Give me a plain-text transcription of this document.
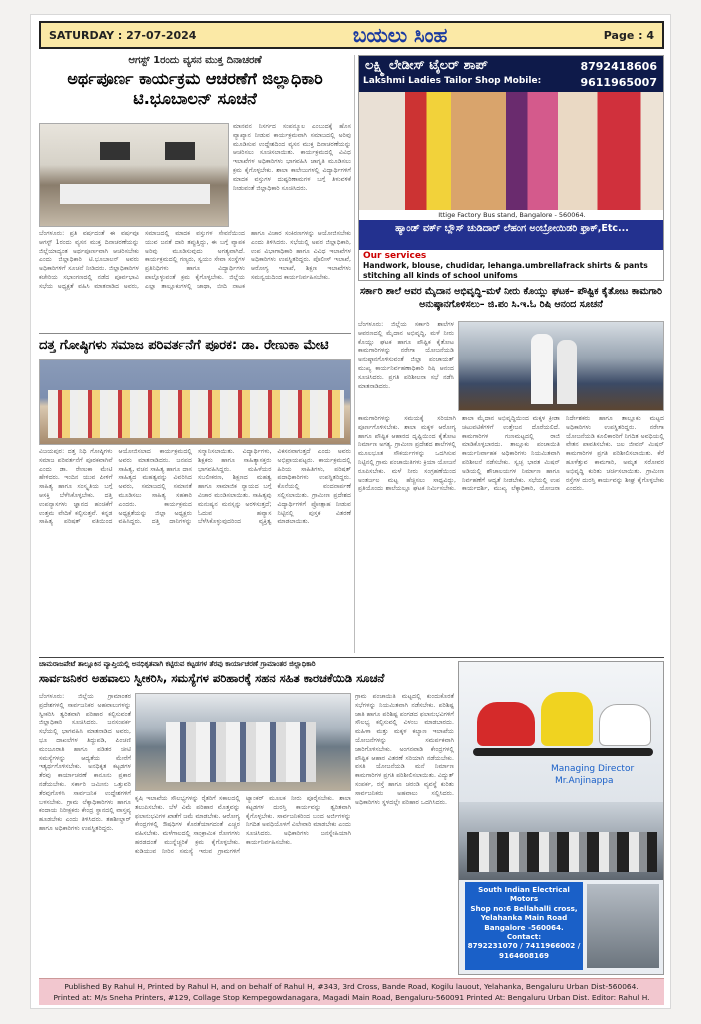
SATURDAY : 27-07-2024	ಬಯಲು ಸಿಂಹ	Page : 4
ಆಗಸ್ಟ್ 1ರಂದು ವ್ಯಸನ ಮುಕ್ತ ದಿನಾಚರಣೆ
ಅರ್ಥಪೂರ್ಣ ಕಾರ್ಯಕ್ರಮ ಆಚರಣೆಗೆ ಜಿಲ್ಲಾಧಿಕಾರಿ ಟಿ.ಭೂಬಾಲನ್ ಸೂಚನೆ
ಮಾನವನ ನಿಸರ್ಗದ ಸಂಪನ್ಮೂಲ ಎಂಬುದಕ್ಕೆ ಹೊಸ ವ್ಯಾಖ್ಯಾನ ನೀಡುವ ಕಾರ್ಯಕ್ರಮವಾಗಿ ಸಮಾಜದಲ್ಲಿ ಅರಿವು ಮೂಡಿಸುವ ಉದ್ದೇಶದಿಂದ ವ್ಯಸನ ಮುಕ್ತ ದಿನಾಚರಣೆಯನ್ನು ಆಚರಿಸಲು ಸೂಚಿಸಲಾಯಿತು. ಕಾರ್ಯಕ್ರಮದಲ್ಲಿ ವಿವಿಧ ಇಲಾಖೆಗಳ ಅಧಿಕಾರಿಗಳು ಭಾಗವಹಿಸಿ ಜಾಗೃತಿ ಮೂಡಿಸಲು ಕ್ರಮ ಕೈಗೊಳ್ಳಬೇಕು. ಶಾಲಾ ಕಾಲೇಜುಗಳಲ್ಲಿ ವಿದ್ಯಾರ್ಥಿಗಳಿಗೆ ಮಾದಕ ವಸ್ತುಗಳ ದುಷ್ಪರಿಣಾಮಗಳ ಬಗ್ಗೆ ತಿಳುವಳಿಕೆ ನೀಡುವಂತೆ ಜಿಲ್ಲಾಧಿಕಾರಿ ಸೂಚಿಸಿದರು.
ಬೆಂಗಳೂರು: ಪ್ರತಿ ವರ್ಷದಂತೆ ಈ ವರ್ಷವೂ ಆಗಸ್ಟ್ 1ರಂದು ವ್ಯಸನ ಮುಕ್ತ ದಿನಾಚರಣೆಯನ್ನು ಜಿಲ್ಲೆಯಾದ್ಯಂತ ಅರ್ಥಪೂರ್ಣವಾಗಿ ಆಚರಿಸಬೇಕು ಎಂದು ಜಿಲ್ಲಾಧಿಕಾರಿ ಟಿ.ಭೂಬಾಲನ್ ಅವರು ಅಧಿಕಾರಿಗಳಿಗೆ ಸೂಚನೆ ನೀಡಿದರು. ಜಿಲ್ಲಾಧಿಕಾರಿಗಳ ಕಚೇರಿಯ ಸಭಾಂಗಣದಲ್ಲಿ ನಡೆದ ಪೂರ್ವಭಾವಿ ಸಭೆಯ ಅಧ್ಯಕ್ಷತೆ ವಹಿಸಿ ಮಾತನಾಡಿದ ಅವರು, ಸಮಾಜದಲ್ಲಿ ಮಾದಕ ವಸ್ತುಗಳ ಸೇವನೆಯಿಂದ ಯುವ ಜನತೆ ದಾರಿ ತಪ್ಪುತ್ತಿದ್ದು, ಈ ಬಗ್ಗೆ ವ್ಯಾಪಕ ಅರಿವು ಮೂಡಿಸುವುದು ಅಗತ್ಯವಾಗಿದೆ. ಕಾರ್ಯಕ್ರಮದಲ್ಲಿ ಗಣ್ಯರು, ಸ್ವಯಂ ಸೇವಾ ಸಂಸ್ಥೆಗಳ ಪ್ರತಿನಿಧಿಗಳು ಹಾಗೂ ವಿದ್ಯಾರ್ಥಿಗಳು ಪಾಲ್ಗೊಳ್ಳುವಂತೆ ಕ್ರಮ ಕೈಗೊಳ್ಳಬೇಕು. ಜಿಲ್ಲೆಯ ಎಲ್ಲಾ ತಾಲ್ಲೂಕುಗಳಲ್ಲಿ ಜಾಥಾ, ಬೀದಿ ನಾಟಕ ಹಾಗೂ ವಿಚಾರ ಸಂಕಿರಣಗಳನ್ನು ಆಯೋಜಿಸಬೇಕು ಎಂದು ತಿಳಿಸಿದರು. ಸಭೆಯಲ್ಲಿ ಅಪರ ಜಿಲ್ಲಾಧಿಕಾರಿ, ಉಪ ವಿಭಾಗಾಧಿಕಾರಿ ಹಾಗೂ ವಿವಿಧ ಇಲಾಖೆಗಳ ಅಧಿಕಾರಿಗಳು ಉಪಸ್ಥಿತರಿದ್ದರು. ಪೊಲೀಸ್ ಇಲಾಖೆ, ಆರೋಗ್ಯ ಇಲಾಖೆ, ಶಿಕ್ಷಣ ಇಲಾಖೆಗಳು ಸಮನ್ವಯದಿಂದ ಕಾರ್ಯನಿರ್ವಹಿಸಬೇಕು.
ದತ್ತ ಗೋಷ್ಠಿಗಳು ಸಮಾಜ ಪರಿವರ್ತನೆಗೆ ಪೂರಕ: ಡಾ. ರೇಣುಕಾ ಮೇಟಿ
ವಿಜಯಪುರ: ದತ್ತ ನಿಧಿ ಗೋಷ್ಠಿಗಳು ಸಮಾಜ ಪರಿವರ್ತನೆಗೆ ಪೂರಕವಾಗಿವೆ ಎಂದು ಡಾ. ರೇಣುಕಾ ಮೇಟಿ ಹೇಳಿದರು. ಇಂದಿನ ಯುವ ಪೀಳಿಗೆ ಸಾಹಿತ್ಯ ಹಾಗೂ ಸಂಸ್ಕೃತಿಯ ಬಗ್ಗೆ ಆಸಕ್ತಿ ಬೆಳೆಸಿಕೊಳ್ಳಬೇಕು. ದತ್ತಿ ಉಪನ್ಯಾಸಗಳು ಜ್ಞಾನದ ಹಂಚಿಕೆಗೆ ಉತ್ತಮ ವೇದಿಕೆ ಕಲ್ಪಿಸುತ್ತವೆ. ಕನ್ನಡ ಸಾಹಿತ್ಯ ಪರಿಷತ್ ವತಿಯಿಂದ ಆಯೋಜಿಸಲಾದ ಕಾರ್ಯಕ್ರಮದಲ್ಲಿ ಅವರು ಮಾತನಾಡಿದರು. ಜನಪದ ಸಾಹಿತ್ಯ, ವಚನ ಸಾಹಿತ್ಯ ಹಾಗೂ ದಾಸ ಸಾಹಿತ್ಯದ ಮಹತ್ವವನ್ನು ವಿವರಿಸಿದ ಅವರು, ಸಮಾಜದಲ್ಲಿ ಸಮಾನತೆ ಮೂಡಿಸಲು ಸಾಹಿತ್ಯ ಸಹಕಾರಿ ಎಂದರು. ಕಾರ್ಯಕ್ರಮದ ಅಧ್ಯಕ್ಷತೆಯನ್ನು ಜಿಲ್ಲಾ ಅಧ್ಯಕ್ಷರು ವಹಿಸಿದ್ದರು. ದತ್ತಿ ದಾನಿಗಳನ್ನು ಸನ್ಮಾನಿಸಲಾಯಿತು. ವಿದ್ಯಾರ್ಥಿಗಳು, ಶಿಕ್ಷಕರು ಹಾಗೂ ಸಾಹಿತ್ಯಾಸಕ್ತರು ಭಾಗವಹಿಸಿದ್ದರು. ಮಹಿಳೆಯರ ಸಬಲೀಕರಣ, ಶಿಕ್ಷಣದ ಮಹತ್ವ ಹಾಗೂ ಸಾಮಾಜಿಕ ನ್ಯಾಯದ ಬಗ್ಗೆ ವಿಚಾರ ಮಂಡಿಸಲಾಯಿತು. ಸಾಹಿತ್ಯವು ಮನುಷ್ಯನ ಮನಸ್ಸನ್ನು ಅರಳಿಸುತ್ತದೆ; ಓದುವ ಹವ್ಯಾಸ ಬೆಳೆಸಿಕೊಳ್ಳುವುದರಿಂದ ವ್ಯಕ್ತಿತ್ವ ವಿಕಸನವಾಗುತ್ತದೆ ಎಂದು ಅವರು ಅಭಿಪ್ರಾಯಪಟ್ಟರು. ಕಾರ್ಯಕ್ರಮದಲ್ಲಿ ಹಿರಿಯ ಸಾಹಿತಿಗಳು, ಪರಿಷತ್ ಪದಾಧಿಕಾರಿಗಳು ಉಪಸ್ಥಿತರಿದ್ದರು. ಕೊನೆಯಲ್ಲಿ ವಂದನಾರ್ಪಣೆ ಸಲ್ಲಿಸಲಾಯಿತು. ಗ್ರಾಮೀಣ ಪ್ರದೇಶದ ವಿದ್ಯಾರ್ಥಿಗಳಿಗೆ ಪ್ರೋತ್ಸಾಹ ನೀಡುವ ನಿಟ್ಟಿನಲ್ಲಿ ಪುಸ್ತಕ ವಿತರಣೆ ಮಾಡಲಾಯಿತು.
ಲಕ್ಷ್ಮಿ ಲೇಡೀಸ್ ಟೈಲರ್ ಶಾಪ್	8792418606
Lakshmi Ladies Tailor Shop Mobile:	9611965007
Ittige Factory Bus stand, Bangalore - 560064.
ಹ್ಯಾಂಡ್ ವರ್ಕ್ ಬ್ಲೌಸ್ ಚುಡಿದಾರ್ ಲೆಹಂಗ ಅಂಬ್ರೋಯಿಡರಿ ಫ್ರಾಕ್,Etc...
Our services
Handwork, blouse, chudidar, lehanga.umbrellafrack shirts & pants stitching all kinds of school unifoms
ಸರ್ಕಾರಿ ಶಾಲೆ ಆವರ ಮೈದಾನ ಅಭಿವೃದ್ಧಿ–ಮಳೆ ನೀರು ಕೊಯ್ಲು ಘಟಕ– ಪೌಷ್ಟಿಕ ಕೈತೋಟ ಕಾಮಗಾರಿ ಅನುಷ್ಠಾನಗೊಳಿಸಲು– ಜಿ.ಪಂ ಸಿ.ಇ.ಓ ರಿಷಿ ಆನಂದ ಸೂಚನೆ
ಬೆಂಗಳೂರು: ಜಿಲ್ಲೆಯ ಸರ್ಕಾರಿ ಶಾಲೆಗಳ ಆವರಣದಲ್ಲಿ ಮೈದಾನ ಅಭಿವೃದ್ಧಿ, ಮಳೆ ನೀರು ಕೊಯ್ಲು ಘಟಕ ಹಾಗೂ ಪೌಷ್ಟಿಕ ಕೈತೋಟ ಕಾಮಗಾರಿಗಳನ್ನು ನರೇಗಾ ಯೋಜನೆಯಡಿ ಅನುಷ್ಠಾನಗೊಳಿಸುವಂತೆ ಜಿಲ್ಲಾ ಪಂಚಾಯತ್ ಮುಖ್ಯ ಕಾರ್ಯನಿರ್ವಹಣಾಧಿಕಾರಿ ರಿಷಿ ಆನಂದ ಸೂಚಿಸಿದರು. ಪ್ರಗತಿ ಪರಿಶೀಲನಾ ಸಭೆ ನಡೆಸಿ ಮಾತನಾಡಿದರು.
ಕಾಮಗಾರಿಗಳನ್ನು ಸಮಯಕ್ಕೆ ಸರಿಯಾಗಿ ಪೂರ್ಣಗೊಳಿಸಬೇಕು. ಶಾಲಾ ಮಕ್ಕಳ ಆರೋಗ್ಯ ಹಾಗೂ ಪೌಷ್ಟಿಕ ಆಹಾರದ ದೃಷ್ಟಿಯಿಂದ ಕೈತೋಟ ನಿರ್ಮಾಣ ಅಗತ್ಯ. ಗ್ರಾಮೀಣ ಪ್ರದೇಶದ ಶಾಲೆಗಳಲ್ಲಿ ಮೂಲಭೂತ ಸೌಕರ್ಯಗಳನ್ನು ಒದಗಿಸುವ ನಿಟ್ಟಿನಲ್ಲಿ ಗ್ರಾಮ ಪಂಚಾಯಿತಿಗಳು ಕ್ರಿಯಾ ಯೋಜನೆ ರೂಪಿಸಬೇಕು. ಮಳೆ ನೀರು ಸಂಗ್ರಹಣೆಯಿಂದ ಅಂತರ್ಜಲ ಮಟ್ಟ ಹೆಚ್ಚಿಸಲು ಸಾಧ್ಯವಿದ್ದು, ಪ್ರತಿಯೊಂದು ಶಾಲೆಯಲ್ಲೂ ಘಟಕ ನಿರ್ಮಿಸಬೇಕು. ಶಾಲಾ ಮೈದಾನ ಅಭಿವೃದ್ಧಿಯಿಂದ ಮಕ್ಕಳ ಕ್ರೀಡಾ ಚಟುವಟಿಕೆಗಳಿಗೆ ಉತ್ತೇಜನ ದೊರೆಯಲಿದೆ. ಕಾಮಗಾರಿಗಳ ಗುಣಮಟ್ಟದಲ್ಲಿ ರಾಜಿ ಮಾಡಿಕೊಳ್ಳಬಾರದು. ತಾಲ್ಲೂಕು ಪಂಚಾಯಿತಿ ಕಾರ್ಯನಿರ್ವಾಹಕ ಅಧಿಕಾರಿಗಳು ನಿಯಮಿತವಾಗಿ ಪರಿಶೀಲನೆ ನಡೆಸಬೇಕು. ಸ್ವಚ್ಛ ಭಾರತ ಮಿಷನ್ ಅಡಿಯಲ್ಲಿ ಶೌಚಾಲಯಗಳ ನಿರ್ಮಾಣ ಹಾಗೂ ನಿರ್ವಹಣೆಗೆ ಆದ್ಯತೆ ನೀಡಬೇಕು. ಸಭೆಯಲ್ಲಿ ಉಪ ಕಾರ್ಯದರ್ಶಿ, ಮುಖ್ಯ ಲೆಕ್ಕಾಧಿಕಾರಿ, ಯೋಜನಾ ನಿರ್ದೇಶಕರು ಹಾಗೂ ತಾಲ್ಲೂಕು ಮಟ್ಟದ ಅಧಿಕಾರಿಗಳು ಉಪಸ್ಥಿತರಿದ್ದರು. ನರೇಗಾ ಯೋಜನೆಯಡಿ ಕೂಲಿಕಾರರಿಗೆ ನಿಗದಿತ ಅವಧಿಯಲ್ಲಿ ವೇತನ ಪಾವತಿಸಬೇಕು. ಜಲ ಜೀವನ್ ಮಿಷನ್ ಕಾಮಗಾರಿಗಳ ಪ್ರಗತಿ ಪರಿಶೀಲಿಸಲಾಯಿತು. ಕೆರೆ ಹೂಳೆತ್ತುವ ಕಾಮಗಾರಿ, ಅಮೃತ ಸರೋವರ ಅಭಿವೃದ್ಧಿ ಕುರಿತು ಚರ್ಚಿಸಲಾಯಿತು. ಗ್ರಾಮೀಣ ರಸ್ತೆಗಳ ದುರಸ್ತಿ ಕಾರ್ಯವನ್ನು ಶೀಘ್ರ ಕೈಗೊಳ್ಳಬೇಕು ಎಂದರು.
ಚಾಮರಾಜಪೇಟೆ ತಾಲ್ಲೂಕಿನ ವ್ಯಾಪ್ತಿಯಲ್ಲಿ ಅನಧಿಕೃತವಾಗಿ ಕಟ್ಟಿರುವ ಕಟ್ಟಡಗಳ ತೆರವು ಕಾರ್ಯಾಚರಣೆ ಗ್ರಾಮಾಂತರ ಜಿಲ್ಲಾಧಿಕಾರಿ
ಸಾರ್ವಜನಿಕರ ಅಹವಾಲು ಸ್ವೀಕರಿಸಿ, ಸಮಸ್ಯೆಗಳ ಪರಿಹಾರಕ್ಕೆ ಸಹನ ಸಹಿತ ಕಾರಚಕೆಯಿಡಿ ಸೂಚನೆ
ಬೆಂಗಳೂರು: ಜಿಲ್ಲೆಯ ಗ್ರಾಮಾಂತರ ಪ್ರದೇಶಗಳಲ್ಲಿ ಸಾರ್ವಜನಿಕರ ಅಹವಾಲುಗಳನ್ನು ಸ್ವೀಕರಿಸಿ ತ್ವರಿತವಾಗಿ ಪರಿಹಾರ ಕಲ್ಪಿಸುವಂತೆ ಜಿಲ್ಲಾಧಿಕಾರಿ ಸೂಚಿಸಿದರು. ಜನಸಂಪರ್ಕ ಸಭೆಯಲ್ಲಿ ಭಾಗವಹಿಸಿ ಮಾತನಾಡಿದ ಅವರು, ಭೂ ದಾಖಲೆಗಳ ತಿದ್ದುಪಡಿ, ಪಿಂಚಣಿ ಮಂಜೂರಾತಿ ಹಾಗೂ ಪಡಿತರ ಚೀಟಿ ಸಮಸ್ಯೆಗಳನ್ನು ಆದ್ಯತೆಯ ಮೇರೆಗೆ ಇತ್ಯರ್ಥಗೊಳಿಸಬೇಕು. ಅನಧಿಕೃತ ಕಟ್ಟಡಗಳ ತೆರವು ಕಾರ್ಯಾಚರಣೆ ಕಾನೂನು ಪ್ರಕಾರ ನಡೆಯಬೇಕು. ಸರ್ಕಾರಿ ಜಮೀನು ಒತ್ತುವರಿ ತೆರವುಗೊಳಿಸಿ ಸಾರ್ವಜನಿಕ ಉದ್ದೇಶಗಳಿಗೆ ಬಳಸಬೇಕು. ಗ್ರಾಮ ಲೆಕ್ಕಾಧಿಕಾರಿಗಳು ಹಾಗೂ ಕಂದಾಯ ನಿರೀಕ್ಷಕರು ಕೇಂದ್ರ ಸ್ಥಾನದಲ್ಲಿ ವಾಸ್ತವ್ಯ ಹೂಡಬೇಕು ಎಂದು ತಿಳಿಸಿದರು. ತಹಶೀಲ್ದಾರ್ ಹಾಗೂ ಅಧಿಕಾರಿಗಳು ಉಪಸ್ಥಿತರಿದ್ದರು.
ಕೃಷಿ ಇಲಾಖೆಯ ಸೌಲಭ್ಯಗಳನ್ನು ರೈತರಿಗೆ ಸಕಾಲದಲ್ಲಿ ತಲುಪಿಸಬೇಕು. ಬೆಳೆ ವಿಮೆ ಪರಿಹಾರ ಮೊತ್ತವನ್ನು ಫಲಾನುಭವಿಗಳ ಖಾತೆಗೆ ಜಮೆ ಮಾಡಬೇಕು. ಆರೋಗ್ಯ ಕೇಂದ್ರಗಳಲ್ಲಿ ಔಷಧಿಗಳ ಕೊರತೆಯಾಗದಂತೆ ಎಚ್ಚರ ವಹಿಸಬೇಕು. ಮಳೆಗಾಲದಲ್ಲಿ ಸಾಂಕ್ರಾಮಿಕ ರೋಗಗಳು ಹರಡದಂತೆ ಮುನ್ನೆಚ್ಚರಿಕೆ ಕ್ರಮ ಕೈಗೊಳ್ಳಬೇಕು. ಕುಡಿಯುವ ನೀರಿನ ಸಮಸ್ಯೆ ಇರುವ ಗ್ರಾಮಗಳಿಗೆ ಟ್ಯಾಂಕರ್ ಮೂಲಕ ನೀರು ಪೂರೈಸಬೇಕು. ಶಾಲಾ ಕಟ್ಟಡಗಳ ದುರಸ್ತಿ ಕಾರ್ಯವನ್ನು ತ್ವರಿತವಾಗಿ ಕೈಗೊಳ್ಳಬೇಕು. ಸಾರ್ವಜನಿಕರಿಂದ ಬಂದ ಅರ್ಜಿಗಳನ್ನು ನಿಗದಿತ ಅವಧಿಯೊಳಗೆ ವಿಲೇವಾರಿ ಮಾಡಬೇಕು ಎಂದು ಸೂಚಿಸಿದರು. ಅಧಿಕಾರಿಗಳು ಜನಸ್ನೇಹಿಯಾಗಿ ಕಾರ್ಯನಿರ್ವಹಿಸಬೇಕು.
ಗ್ರಾಮ ಪಂಚಾಯಿತಿ ಮಟ್ಟದಲ್ಲಿ ಕುಂದುಕೊರತೆ ಸಭೆಗಳನ್ನು ನಿಯಮಿತವಾಗಿ ನಡೆಸಬೇಕು. ಪರಿಶಿಷ್ಟ ಜಾತಿ ಹಾಗೂ ಪರಿಶಿಷ್ಟ ಪಂಗಡದ ಫಲಾನುಭವಿಗಳಿಗೆ ಸೌಲಭ್ಯ ಕಲ್ಪಿಸುವಲ್ಲಿ ವಿಳಂಬ ಮಾಡಬಾರದು. ಮಹಿಳಾ ಮತ್ತು ಮಕ್ಕಳ ಕಲ್ಯಾಣ ಇಲಾಖೆಯ ಯೋಜನೆಗಳನ್ನು ಸಮರ್ಪಕವಾಗಿ ಜಾರಿಗೊಳಿಸಬೇಕು. ಅಂಗನವಾಡಿ ಕೇಂದ್ರಗಳಲ್ಲಿ ಪೌಷ್ಟಿಕ ಆಹಾರ ವಿತರಣೆ ಸರಿಯಾಗಿ ನಡೆಯಬೇಕು. ವಸತಿ ಯೋಜನೆಯಡಿ ಮನೆ ನಿರ್ಮಾಣ ಕಾಮಗಾರಿಗಳ ಪ್ರಗತಿ ಪರಿಶೀಲಿಸಲಾಯಿತು. ವಿದ್ಯುತ್ ಸಂಪರ್ಕ, ರಸ್ತೆ ಹಾಗೂ ಚರಂಡಿ ವ್ಯವಸ್ಥೆ ಕುರಿತು ಸಾರ್ವಜನಿಕರು ಅಹವಾಲು ಸಲ್ಲಿಸಿದರು. ಅಧಿಕಾರಿಗಳು ಸ್ಥಳದಲ್ಲೇ ಪರಿಹಾರ ಒದಗಿಸಿದರು.
Managing Director
Mr.Anjinappa
South Indian Electrical Motors
Shop no:6 Bellahalli cross, Yelahanka Main Road Bangalore -560064.
Contact:
8792231070 / 7411966002 / 9164608169
Published By Rahul H, Printed by Rahul H, and on behalf of Rahul H, #343, 3rd Cross, Bande Road, Kogilu lauout, Yelahanka, Bengaluru Urban Dist-560064.
Printed at: M/s Sneha Printers, #129, Collage Stop Kempegowdanagara, Magadi Main Road, Bengaluru-560091 Printed At: Bengaluru Urban Dist. Editor: Rahul H.
